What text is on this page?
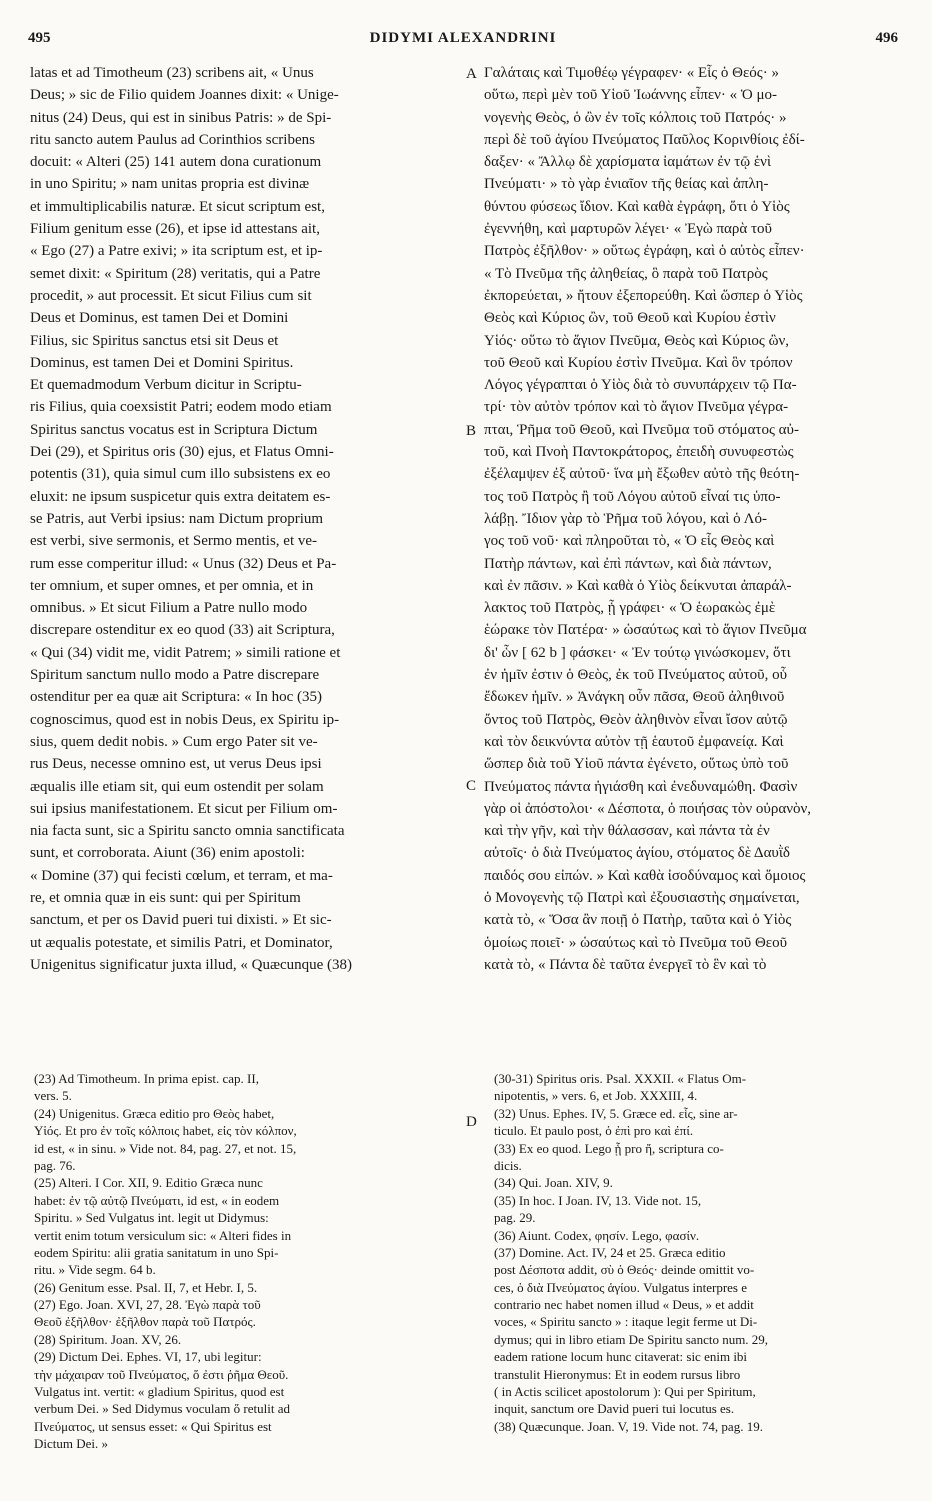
495	DIDYMI ALEXANDRINI	496
latas et ad Timotheum (23) scribens ait, « Unus
Deus; » sic de Filio quidem Joannes dixit: « Unige-
nitus (24) Deus, qui est in sinibus Patris: » de Spi-
ritu sancto autem Paulus ad Corinthios scribens
docuit: « Alteri (25) 141 autem dona curationum
in uno Spiritu; » nam unitas propria est divinæ
et immultiplicabilis naturæ. Et sicut scriptum est,
Filium genitum esse (26), et ipse id attestans ait,
« Ego (27) a Patre exivi; » ita scriptum est, et ip-
semet dixit: « Spiritum (28) veritatis, qui a Patre
procedit, » aut processit. Et sicut Filius cum sit
Deus et Dominus, est tamen Dei et Domini
Filius, sic Spiritus sanctus etsi sit Deus et
Dominus, est tamen Dei et Domini Spiritus.
Et quemadmodum Verbum dicitur in Scriptu-
ris Filius, quia coexsistit Patri; eodem modo etiam
Spiritus sanctus vocatus est in Scriptura Dictum
Dei (29), et Spiritus oris (30) ejus, et Flatus Omni-
potentis (31), quia simul cum illo subsistens ex eo
eluxit: ne ipsum suspicetur quis extra deitatem es-
se Patris, aut Verbi ipsius: nam Dictum proprium
est verbi, sive sermonis, et Sermo mentis, et ve-
rum esse comperitur illud: « Unus (32) Deus et Pa-
ter omnium, et super omnes, et per omnia, et in
omnibus. » Et sicut Filium a Patre nullo modo
discrepare ostenditur ex eo quod (33) ait Scriptura,
« Qui (34) vidit me, vidit Patrem; » simili ratione et
Spiritum sanctum nullo modo a Patre discrepare
ostenditur per ea quæ ait Scriptura: « In hoc (35)
cognoscimus, quod est in nobis Deus, ex Spiritu ip-
sius, quem dedit nobis. » Cum ergo Pater sit ve-
rus Deus, necesse omnino est, ut verus Deus ipsi
æqualis ille etiam sit, qui eum ostendit per solam
sui ipsius manifestationem. Et sicut per Filium om-
nia facta sunt, sic a Spiritu sancto omnia sanctificata
sunt, et corroborata. Aiunt (36) enim apostoli:
« Domine (37) qui fecisti cœlum, et terram, et ma-
re, et omnia quæ in eis sunt: qui per Spiritum
sanctum, et per os David pueri tui dixisti. » Et sic-
ut æqualis potestate, et similis Patri, et Dominator,
Unigenitus significatur juxta illud, « Quæcunque (38)
Γαλάταις καὶ Τιμοθέῳ γέγραφεν· « Εἷς ὁ Θεός· »
οὕτω, περὶ μὲν τοῦ Υἱοῦ Ἰωάννης εἶπεν· « Ὁ μο-
νογενὴς Θεὸς, ὁ ὢν ἐν τοῖς κόλποις τοῦ Πατρός· »
περὶ δὲ τοῦ ἁγίου Πνεύματος Παῦλος Κορινθίοις ἐδί-
δαξεν· « Ἄλλῳ δὲ χαρίσματα ἰαμάτων ἐν τῷ ἑνὶ
Πνεύματι· » τὸ γὰρ ἑνιαῖον τῆς θείας καὶ ἀπλη-
θύντου φύσεως ἴδιον. Καὶ καθὰ ἐγράφη, ὅτι ὁ Υἱὸς
ἐγεννήθη, καὶ μαρτυρῶν λέγει· « Ἐγὼ παρὰ τοῦ
Πατρὸς ἐξῆλθον· » οὕτως ἐγράφη, καὶ ὁ αὐτὸς εἶπεν·
« Τὸ Πνεῦμα τῆς ἀληθείας, ὃ παρὰ τοῦ Πατρὸς
ἐκπορεύεται, » ἤτουν ἐξεπορεύθη. Καὶ ὥσπερ ὁ Υἱὸς
Θεὸς καὶ Κύριος ὢν, τοῦ Θεοῦ καὶ Κυρίου ἐστὶν
Υἱός· οὕτω τὸ ἅγιον Πνεῦμα, Θεὸς καὶ Κύριος ὢν,
τοῦ Θεοῦ καὶ Κυρίου ἐστὶν Πνεῦμα. Καὶ ὃν τρόπον
Λόγος γέγραπται ὁ Υἱὸς διὰ τὸ συνυπάρχειν τῷ Πα-
τρί· τὸν αὐτὸν τρόπον καὶ τὸ ἅγιον Πνεῦμα γέγρα-
πται, Ῥῆμα τοῦ Θεοῦ, καὶ Πνεῦμα τοῦ στόματος αὐ-
τοῦ, καὶ Πνοὴ Παντοκράτορος, ἐπειδὴ συνυφεστὼς
ἐξέλαμψεν ἐξ αὐτοῦ· ἵνα μὴ ἔξωθεν αὐτὸ τῆς θεότη-
τος τοῦ Πατρὸς ἢ τοῦ Λόγου αὐτοῦ εἶναί τις ὑπο-
λάβῃ. Ἴδιον γὰρ τὸ Ῥῆμα τοῦ λόγου, καὶ ὁ Λό-
γος τοῦ νοῦ· καὶ πληροῦται τὸ, « Ὁ εἷς Θεὸς καὶ
Πατὴρ πάντων, καὶ ἐπὶ πάντων, καὶ διὰ πάντων,
καὶ ἐν πᾶσιν. » Καὶ καθὰ ὁ Υἱὸς δείκνυται ἀπαράλ-
λακτος τοῦ Πατρὸς, ᾗ γράφει· « Ὁ ἑωρακὼς ἐμὲ
ἑώρακε τὸν Πατέρα· » ὡσαύτως καὶ τὸ ἅγιον Πνεῦμα
δι' ὧν [ 62 b ] φάσκει· « Ἐν τούτῳ γινώσκομεν, ὅτι
ἐν ἡμῖν ἐστιν ὁ Θεὸς, ἐκ τοῦ Πνεύματος αὐτοῦ, οὗ
ἔδωκεν ἡμῖν. » Ἀνάγκη οὖν πᾶσα, Θεοῦ ἀληθινοῦ
ὄντος τοῦ Πατρὸς, Θεὸν ἀληθινὸν εἶναι ἴσον αὐτῷ
καὶ τὸν δεικνύντα αὐτὸν τῇ ἑαυτοῦ ἐμφανείᾳ. Καὶ
ὥσπερ διὰ τοῦ Υἱοῦ πάντα ἐγένετο, οὕτως ὑπὸ τοῦ
Πνεύματος πάντα ἡγιάσθη καὶ ἐνεδυναμώθη. Φασὶν
γὰρ οἱ ἀπόστολοι· « Δέσποτα, ὁ ποιήσας τὸν οὐρανὸν,
καὶ τὴν γῆν, καὶ τὴν θάλασσαν, καὶ πάντα τὰ ἐν
αὐτοῖς· ὁ διὰ Πνεύματος ἁγίου, στόματος δὲ Δαυῒδ
παιδός σου εἰπών. » Καὶ καθὰ ἰσοδύναμος καὶ ὅμοιος
ὁ Μονογενὴς τῷ Πατρὶ καὶ ἐξουσιαστὴς σημαίνεται,
κατὰ τὸ, « Ὅσα ἂν ποιῇ ὁ Πατὴρ, ταῦτα καὶ ὁ Υἱὸς
ὁμοίως ποιεῖ· » ὡσαύτως καὶ τὸ Πνεῦμα τοῦ Θεοῦ
κατὰ τὸ, « Πάντα δὲ ταῦτα ἐνεργεῖ τὸ ἓν καὶ τὸ
A
B
C
D
(23) Ad Timotheum. In prima epist. cap. II,
vers. 5.
(24) Unigenitus. Græca editio pro Θεὸς habet,
Υἱός. Et pro ἐν τοῖς κόλποις habet, εἰς τὸν κόλπον,
id est, « in sinu. » Vide not. 84, pag. 27, et not. 15,
pag. 76.
(25) Alteri. I Cor. XII, 9. Editio Græca nunc
habet: ἐν τῷ αὐτῷ Πνεύματι, id est, « in eodem
Spiritu. » Sed Vulgatus int. legit ut Didymus:
vertit enim totum versiculum sic: « Alteri fides in
eodem Spiritu: alii gratia sanitatum in uno Spi-
ritu. » Vide segm. 64 b.
(26) Genitum esse. Psal. II, 7, et Hebr. I, 5.
(27) Ego. Joan. XVI, 27, 28. Ἐγὼ παρὰ τοῦ
Θεοῦ ἐξῆλθον· ἐξῆλθον παρὰ τοῦ Πατρός.
(28) Spiritum. Joan. XV, 26.
(29) Dictum Dei. Ephes. VI, 17, ubi legitur:
τὴν μάχαιραν τοῦ Πνεύματος, ὅ ἐστι ῥῆμα Θεοῦ.
Vulgatus int. vertit: « gladium Spiritus, quod est
verbum Dei. » Sed Didymus voculam ὅ retulit ad
Πνεύματος, ut sensus esset: « Qui Spiritus est
Dictum Dei. »
(30-31) Spiritus oris. Psal. XXXII. « Flatus Om-
nipotentis, » vers. 6, et Job. XXXIII, 4.
(32) Unus. Ephes. IV, 5. Græce ed. εἷς, sine ar-
ticulo. Et paulo post, ὁ ἐπὶ pro καὶ ἐπί.
(33) Ex eo quod. Lego ᾗ pro ἤ, scriptura co-
dicis.
(34) Qui. Joan. XIV, 9.
(35) In hoc. I Joan. IV, 13. Vide not. 15,
pag. 29.
(36) Aiunt. Codex, φησίν. Lego, φασίν.
(37) Domine. Act. IV, 24 et 25. Græca editio
post Δέσποτα addit, σὺ ὁ Θεός· deinde omittit vo-
ces, ὁ διὰ Πνεύματος ἁγίου. Vulgatus interpres e
contrario nec habet nomen illud « Deus, » et addit
voces, « Spiritu sancto » : itaque legit ferme ut Di-
dymus; qui in libro etiam De Spiritu sancto num. 29,
eadem ratione locum hunc citaverat: sic enim ibi
transtulit Hieronymus: Et in eodem rursus libro
( in Actis scilicet apostolorum ): Qui per Spiritum,
inquit, sanctum ore David pueri tui locutus es.
(38) Quæcunque. Joan. V, 19. Vide not. 74, pag. 19.
